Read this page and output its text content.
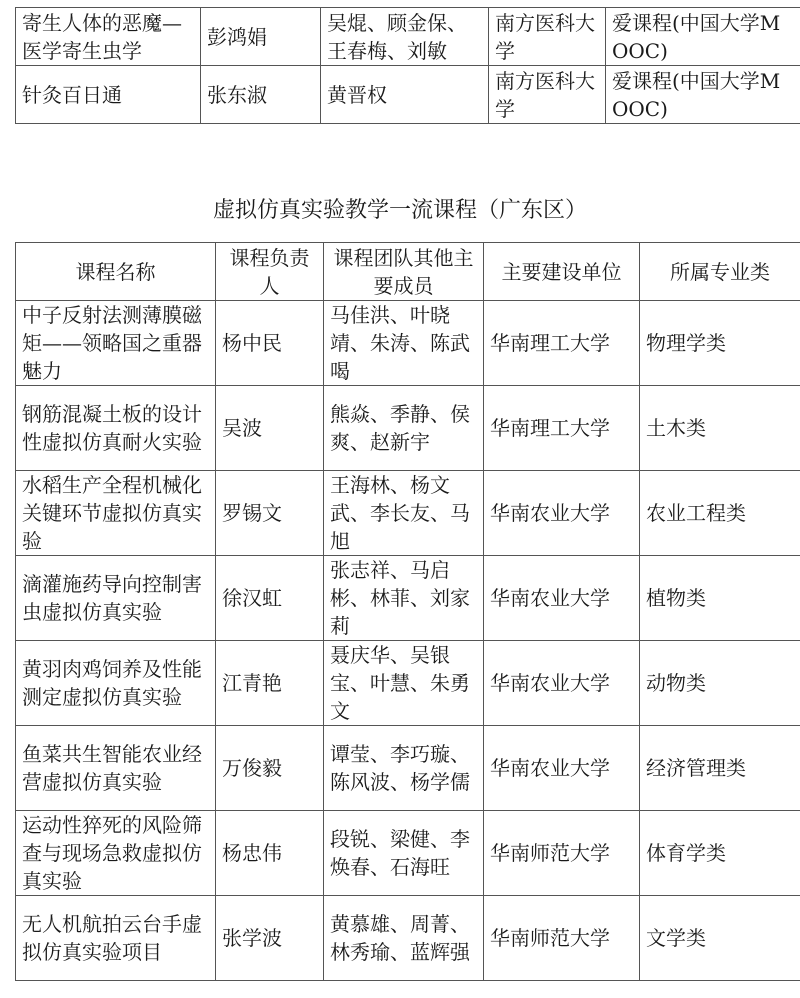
寄生人体的恶魔—医学寄生虫学	彭鸿娟	吴焜、顾金保、王春梅、刘敏	南方医科大学	爱课程(中国大学MOOC)
针灸百日通	张东淑	黄晋权	南方医科大学	爱课程(中国大学MOOC)
虚拟仿真实验教学一流课程（广东区）
课程名称	课程负责人	课程团队其他主要成员	主要建设单位	所属专业类
中子反射法测薄膜磁矩——领略国之重器魅力	杨中民	马佳洪、叶晓靖、朱涛、陈武喝	华南理工大学	物理学类
钢筋混凝土板的设计性虚拟仿真耐火实验	吴波	熊焱、季静、侯爽、赵新宇	华南理工大学	土木类
水稻生产全程机械化关键环节虚拟仿真实验	罗锡文	王海林、杨文武、李长友、马旭	华南农业大学	农业工程类
滴灌施药导向控制害虫虚拟仿真实验	徐汉虹	张志祥、马启彬、林菲、刘家莉	华南农业大学	植物类
黄羽肉鸡饲养及性能测定虚拟仿真实验	江青艳	聂庆华、吴银宝、叶慧、朱勇文	华南农业大学	动物类
鱼菜共生智能农业经营虚拟仿真实验	万俊毅	谭莹、李巧璇、陈风波、杨学儒	华南农业大学	经济管理类
运动性猝死的风险筛查与现场急救虚拟仿真实验	杨忠伟	段锐、梁健、李焕春、石海旺	华南师范大学	体育学类
无人机航拍云台手虚拟仿真实验项目	张学波	黄慕雄、周菁、林秀瑜、蓝辉强	华南师范大学	文学类
